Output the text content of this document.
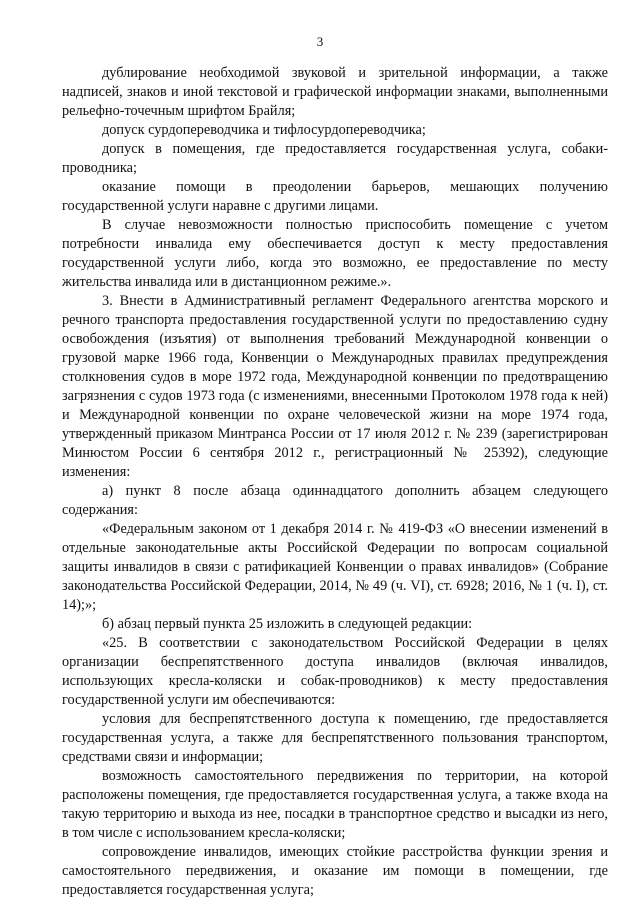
3

дублирование необходимой звуковой и зрительной информации, а также надписей, знаков и иной текстовой и графической информации знаками, выполненными рельефно-точечным шрифтом Брайля;

допуск сурдопереводчика и тифлосурдопереводчика;

допуск в помещения, где предоставляется государственная услуга, собаки-проводника;

оказание помощи в преодолении барьеров, мешающих получению государственной услуги наравне с другими лицами.

В случае невозможности полностью приспособить помещение с учетом потребности инвалида ему обеспечивается доступ к месту предоставления государственной услуги либо, когда это возможно, ее предоставление по месту жительства инвалида или в дистанционном режиме.».

3. Внести в Административный регламент Федерального агентства морского и речного транспорта предоставления государственной услуги по предоставлению судну освобождения (изъятия) от выполнения требований Международной конвенции о грузовой марке 1966 года, Конвенции о Международных правилах предупреждения столкновения судов в море 1972 года, Международной конвенции по предотвращению загрязнения с судов 1973 года (с изменениями, внесенными Протоколом 1978 года к ней) и Международной конвенции по охране человеческой жизни на море 1974 года, утвержденный приказом Минтранса России от 17 июля 2012 г. № 239 (зарегистрирован Минюстом России 6 сентября 2012 г., регистрационный № 25392), следующие изменения:

а) пункт 8 после абзаца одиннадцатого дополнить абзацем следующего содержания:

«Федеральным законом от 1 декабря 2014 г. № 419-ФЗ «О внесении изменений в отдельные законодательные акты Российской Федерации по вопросам социальной защиты инвалидов в связи с ратификацией Конвенции о правах инвалидов» (Собрание законодательства Российской Федерации, 2014, № 49 (ч. VI), ст. 6928; 2016, № 1 (ч. I), ст. 14);»;

б) абзац первый пункта 25 изложить в следующей редакции:

«25. В соответствии с законодательством Российской Федерации в целях организации беспрепятственного доступа инвалидов (включая инвалидов, использующих кресла-коляски и собак-проводников) к месту предоставления государственной услуги им обеспечиваются:

условия для беспрепятственного доступа к помещению, где предоставляется государственная услуга, а также для беспрепятственного пользования транспортом, средствами связи и информации;

возможность самостоятельного передвижения по территории, на которой расположены помещения, где предоставляется государственная услуга, а также входа на такую территорию и выхода из нее, посадки в транспортное средство и высадки из него, в том числе с использованием кресла-коляски;

сопровождение инвалидов, имеющих стойкие расстройства функции зрения и самостоятельного передвижения, и оказание им помощи в помещении, где предоставляется государственная услуга;
